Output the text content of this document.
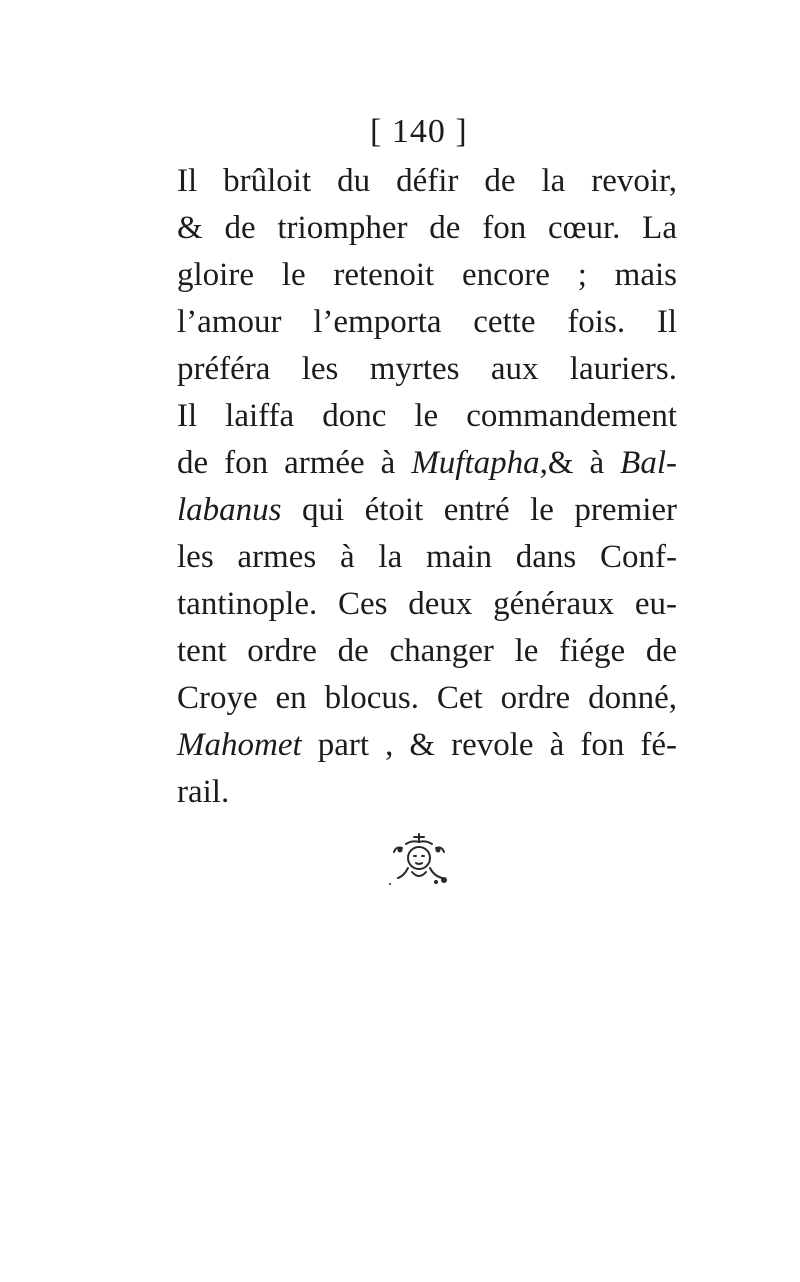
[ 140 ]
Il brûloit du défir de la revoir,
& de triompher de fon cœur. La
gloire le retenoit encore ; mais
l’amour l’emporta cette fois. Il
préféra les myrtes aux lauriers.
Il laiffa donc le commandement
de fon armée à Muftapha,& à Bal-
labanus qui étoit entré le premier
les armes à la main dans Conf-
tantinople. Ces deux généraux eu-
tent ordre de changer le fiége de
Croye en blocus. Cet ordre donné,
Mahomet part , & revole à fon fé-
rail.
